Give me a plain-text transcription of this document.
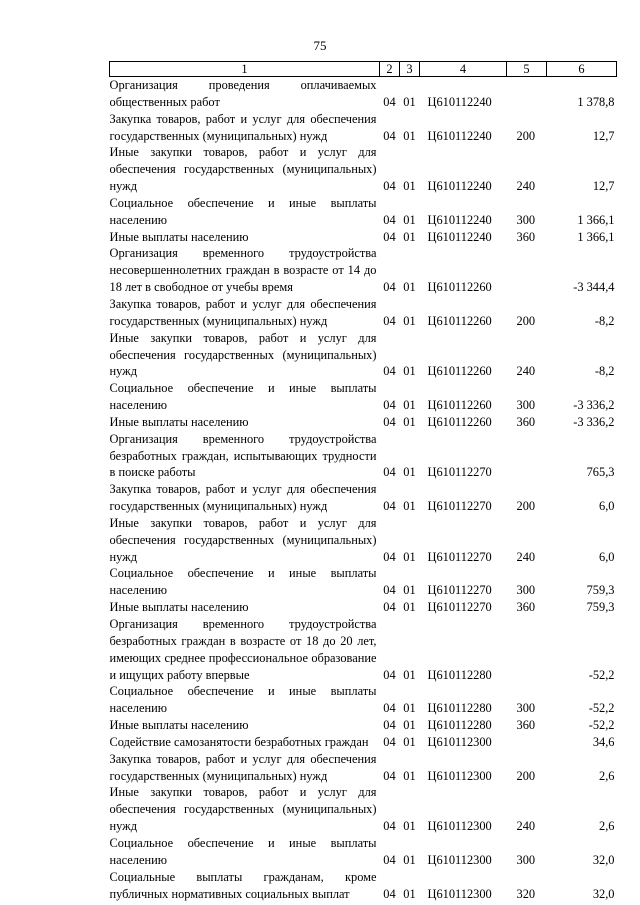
75
1	2	3	4	5	6
Организация проведения оплачиваемых общественных работ	04	01	Ц610112240		1 378,8
Закупка товаров, работ и услуг для обеспечения государственных (муниципальных) нужд	04	01	Ц610112240	200	12,7
Иные закупки товаров, работ и услуг для обеспечения государственных (муниципальных) нужд	04	01	Ц610112240	240	12,7
Социальное обеспечение и иные выплаты населению	04	01	Ц610112240	300	1 366,1
Иные выплаты населению	04	01	Ц610112240	360	1 366,1
Организация временного трудоустройства несовершеннолетних граждан в возрасте от 14 до 18 лет в свободное от учебы время	04	01	Ц610112260		-3 344,4
Закупка товаров, работ и услуг для обеспечения государственных (муниципальных) нужд	04	01	Ц610112260	200	-8,2
Иные закупки товаров, работ и услуг для обеспечения государственных (муниципальных) нужд	04	01	Ц610112260	240	-8,2
Социальное обеспечение и иные выплаты населению	04	01	Ц610112260	300	-3 336,2
Иные выплаты населению	04	01	Ц610112260	360	-3 336,2
Организация временного трудоустройства безработных граждан, испытывающих трудности в поиске работы	04	01	Ц610112270		765,3
Закупка товаров, работ и услуг для обеспечения государственных (муниципальных) нужд	04	01	Ц610112270	200	6,0
Иные закупки товаров, работ и услуг для обеспечения государственных (муниципальных) нужд	04	01	Ц610112270	240	6,0
Социальное обеспечение и иные выплаты населению	04	01	Ц610112270	300	759,3
Иные выплаты населению	04	01	Ц610112270	360	759,3
Организация временного трудоустройства безработных граждан в возрасте от 18 до 20 лет, имеющих среднее профессиональное образование и ищущих работу впервые	04	01	Ц610112280		-52,2
Социальное обеспечение и иные выплаты населению	04	01	Ц610112280	300	-52,2
Иные выплаты населению	04	01	Ц610112280	360	-52,2
Содействие самозанятости безработных граждан	04	01	Ц610112300		34,6
Закупка товаров, работ и услуг для обеспечения государственных (муниципальных) нужд	04	01	Ц610112300	200	2,6
Иные закупки товаров, работ и услуг для обеспечения государственных (муниципальных) нужд	04	01	Ц610112300	240	2,6
Социальное обеспечение и иные выплаты населению	04	01	Ц610112300	300	32,0
Социальные выплаты гражданам, кроме публичных нормативных социальных выплат	04	01	Ц610112300	320	32,0
